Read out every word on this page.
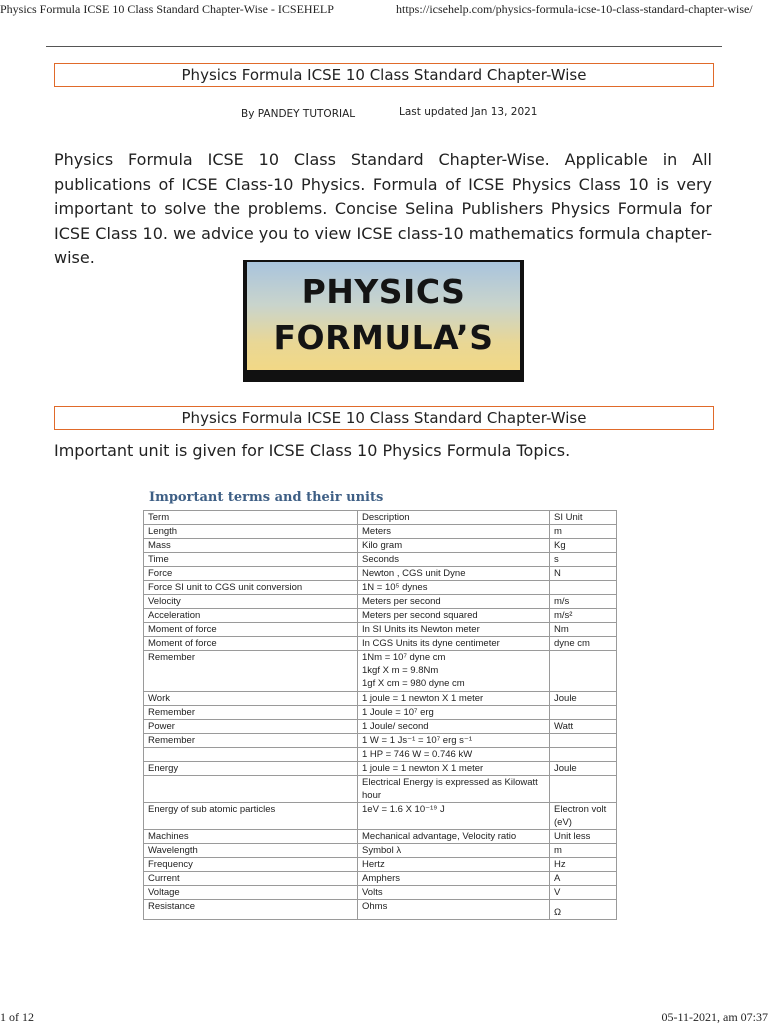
Physics Formula ICSE 10 Class Standard Chapter-Wise - ICSEHELP	https://icsehelp.com/physics-formula-icse-10-class-standard-chapter-wise/
Physics Formula ICSE 10 Class Standard Chapter-Wise
By PANDEY TUTORIAL	Last updated Jan 13, 2021
Physics Formula ICSE 10 Class Standard Chapter-Wise. Applicable in All publications of ICSE Class-10 Physics. Formula of ICSE Physics Class 10 is very important to solve the problems. Concise Selina Publishers Physics Formula for ICSE Class 10. we advice you to view ICSE class-10 mathematics formula chapter-wise.
PHYSICS
FORMULA’S
Physics Formula ICSE 10 Class Standard Chapter-Wise
Important unit is given for ICSE Class 10 Physics Formula Topics.
Important terms and their units
Term	Description	SI Unit
Length	Meters	m
Mass	Kilo gram	Kg
Time	Seconds	s
Force	Newton , CGS unit Dyne	N
Force SI unit to CGS unit conversion	1N = 10⁵ dynes	
Velocity	Meters per second	m/s
Acceleration	Meters per second squared	m/s²
Moment of force	In SI Units its Newton meter	Nm
Moment of force	In CGS Units its dyne centimeter	dyne cm
Remember	1Nm = 10⁷ dyne cm
1kgf X m = 9.8Nm
1gf X cm = 980 dyne cm	
Work	1 joule = 1 newton X 1 meter	Joule
Remember	1 Joule = 10⁷ erg	
Power	1 Joule/ second	Watt
Remember	1 W = 1 Js⁻¹ = 10⁷ erg s⁻¹	
	1 HP = 746 W = 0.746 kW	
Energy	1 joule = 1 newton X 1 meter	Joule
	Electrical Energy is expressed as Kilowatt hour	
Energy of sub atomic particles	1eV = 1.6 X 10⁻¹⁹ J	Electron volt (eV)
Machines	Mechanical advantage, Velocity ratio	Unit less
Wavelength	Symbol λ	m
Frequency	Hertz	Hz
Current	Amphers	A
Voltage	Volts	V
Resistance	Ohms	Ω
1 of 12	05-11-2021, am 07:37
